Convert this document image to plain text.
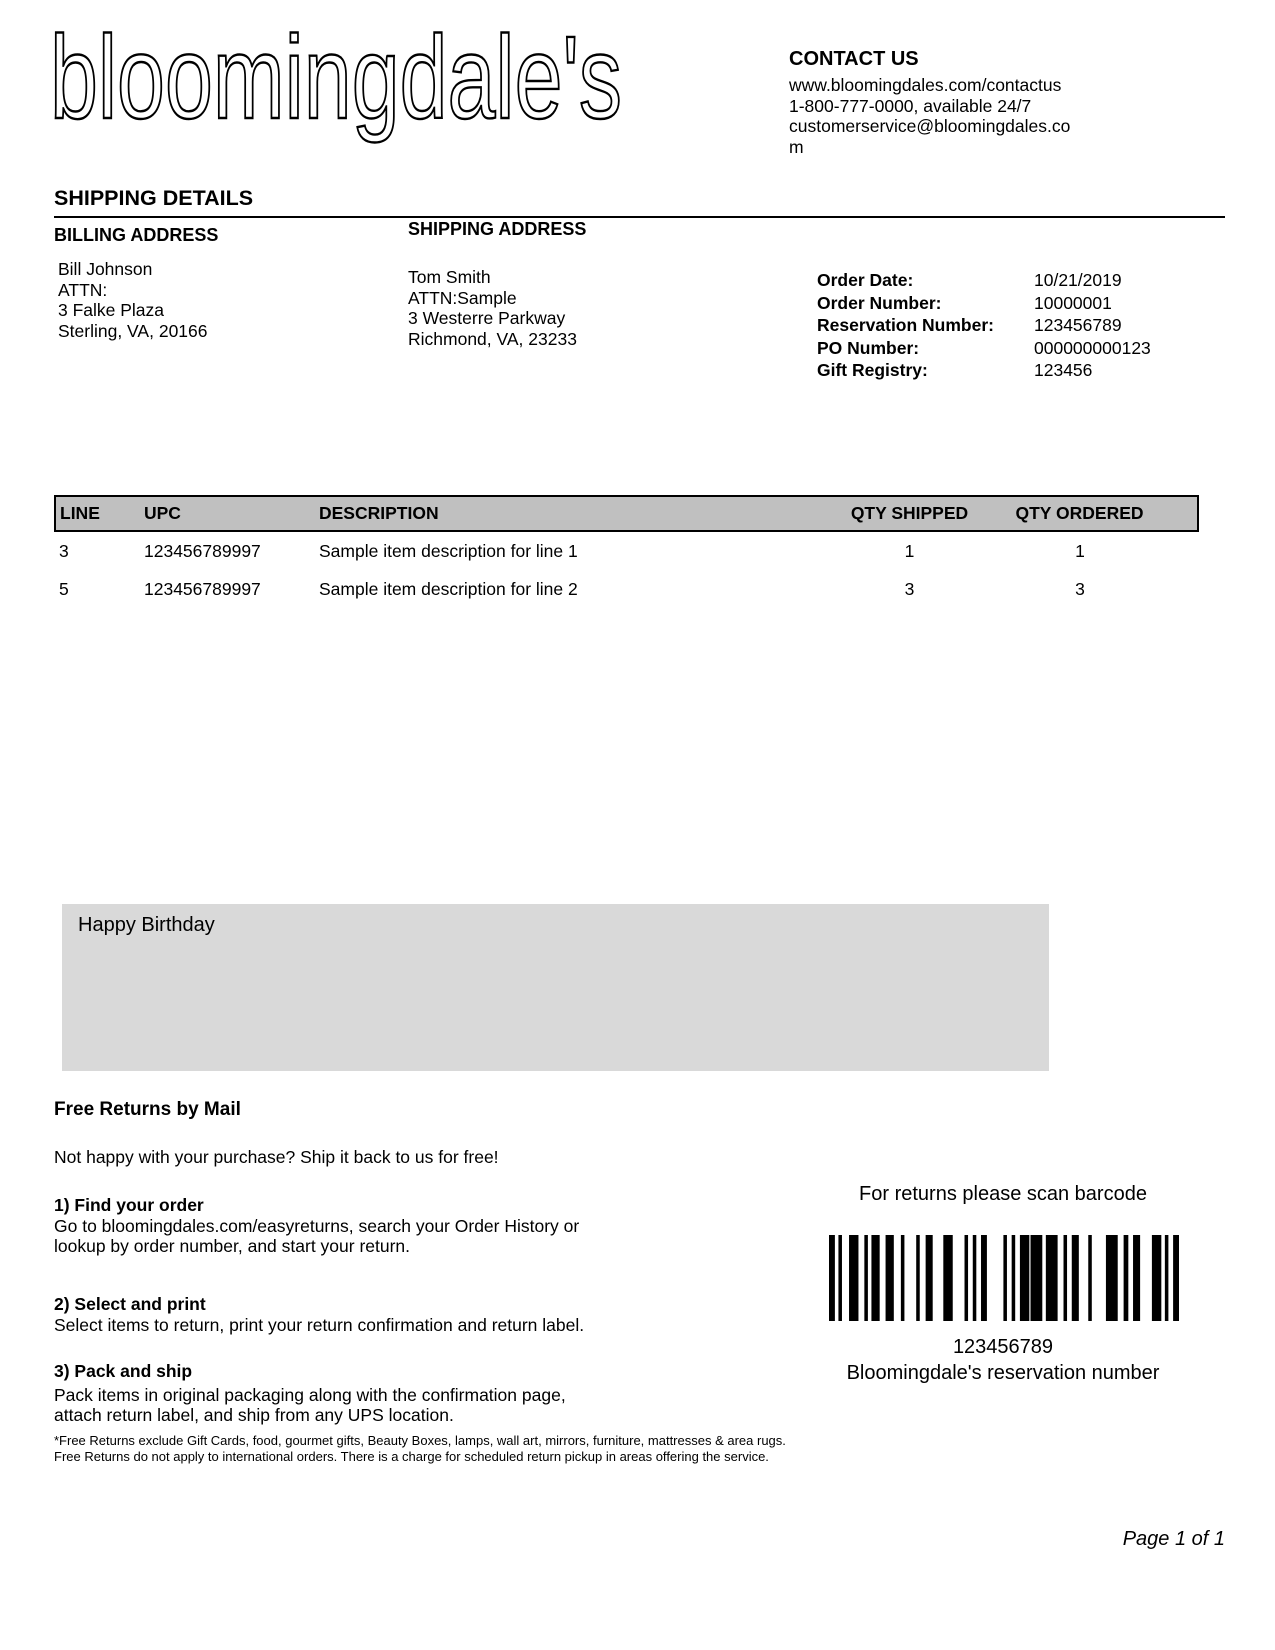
bloomingdale's	CONTACT US
www.bloomingdales.com/contactus
1-800-777-0000, available 24/7
customerservice@bloomingdales.co
m
SHIPPING DETAILS
BILLING ADDRESS
Bill Johnson
ATTN:
3 Falke Plaza
Sterling, VA, 20166
SHIPPING ADDRESS
Tom Smith
ATTN:Sample
3 Westerre Parkway
Richmond, VA, 23233
Order Date:	10/21/2019
Order Number:	10000001
Reservation Number:	123456789
PO Number:	000000000123
Gift Registry:	123456
LINE	UPC	DESCRIPTION	QTY SHIPPED	QTY ORDERED
3	123456789997	Sample item description for line 1	1	1
5	123456789997	Sample item description for line 2	3	3
Happy Birthday
Free Returns by Mail
Not happy with your purchase? Ship it back to us for free!
1) Find your order
Go to bloomingdales.com/easyreturns, search your Order History or
lookup by order number, and start your return.
2) Select and print
Select items to return, print your return confirmation and return label.
3) Pack and ship
Pack items in original packaging along with the confirmation page,
attach return label, and ship from any UPS location.
*Free Returns exclude Gift Cards, food, gourmet gifts, Beauty Boxes, lamps, wall art, mirrors, furniture, mattresses & area rugs.
Free Returns do not apply to international orders. There is a charge for scheduled return pickup in areas offering the service.
For returns please scan barcode
123456789
Bloomingdale's reservation number
Page 1 of 1
